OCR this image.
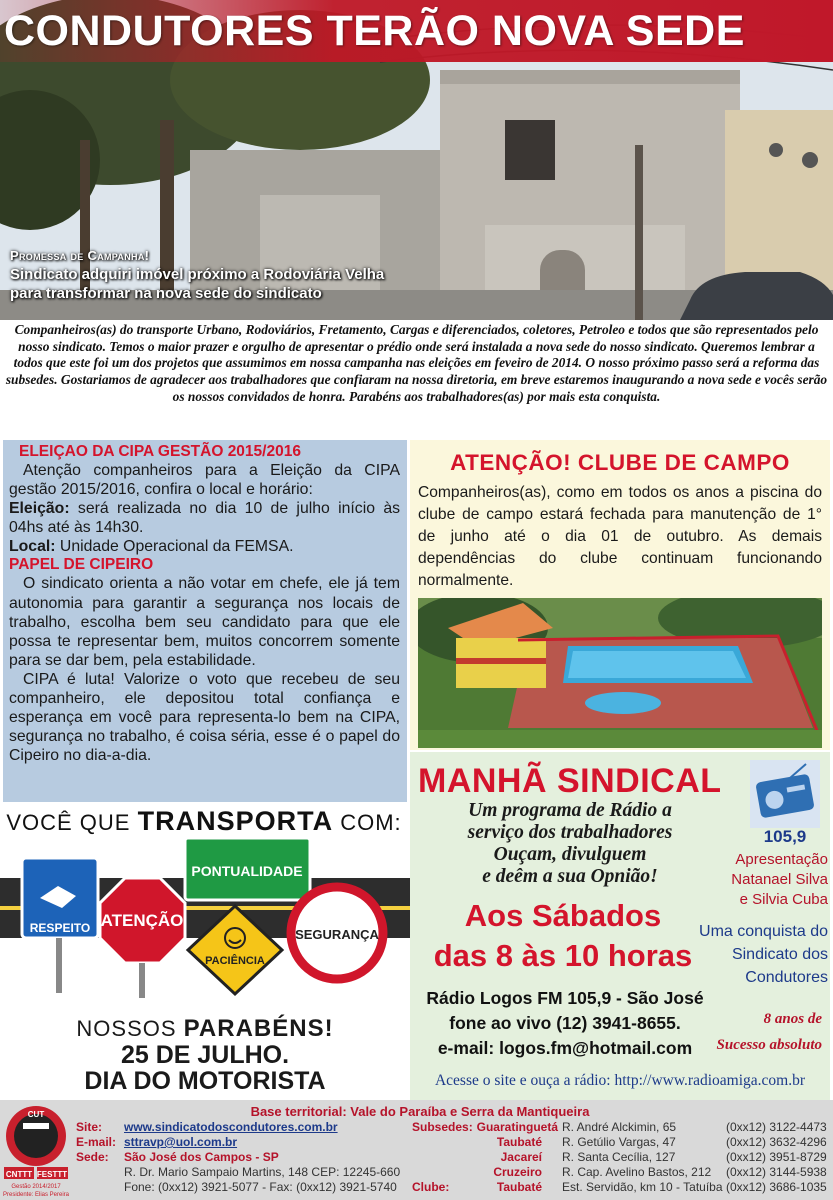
CONDUTORES TERÃO NOVA SEDE
Promessa de Campanha!
Sindicato adquiri imóvel próximo a Rodoviária Velha
para transformar na nova sede do sindicato
Companheiros(as) do transporte Urbano, Rodoviários, Fretamento, Cargas e diferenciados, coletores, Petroleo e todos que são representados pelo nosso sindicato. Temos o maior prazer e orgulho de apresentar o prédio onde será instalada a nova sede do nosso sindicato. Queremos lembrar a todos que este foi um dos projetos que assumimos em nossa campanha nas eleições em feveiro de 2014. O nosso próximo passo será a reforma das subsedes. Gostariamos de agradecer aos trabalhadores que confiaram na nossa diretoria, em breve estaremos inaugurando a nova sede e vocês serão os nossos convidados de honra. Parabéns aos trabalhadores(as) por mais esta conquista.
ELEIÇAO DA CIPA GESTÃO 2015/2016

Atenção companheiros para a Eleição da CIPA gestão 2015/2016, confira o local e horário:

Eleição: será realizada no dia 10 de julho início às 04hs até às 14h30.

Local: Unidade Operacional da FEMSA.

PAPEL DE CIPEIRO

O sindicato orienta a não votar em chefe, ele já tem autonomia para garantir a segurança nos locais de trabalho, escolha bem seu candidato para que ele possa te representar bem, muitos concorrem somente para se dar bem, pela estabilidade.

CIPA é luta! Valorize o voto que recebeu de seu companheiro, ele depositou total confiança e esperança em você para representa-lo bem na CIPA, segurança no trabalho, é coisa séria, esse é o papel do Cipeiro no dia-a-dia.

ATENÇÃO! CLUBE DE CAMPO
Companheiros(as), como em todos os anos a piscina do clube de campo estará fechada para manutenção de 1° de junho até o dia 01 de outubro. As demais dependências do clube continuam funcionando normalmente.
VOCÊ QUE TRANSPORTA COM:
RESPEITO ATENÇÃO
PONTUALIDADE
PACIÊNCIA
SEGURANÇA
NOSSOS PARABÉNS!
25 DE JULHO.
DIA DO MOTORISTA
MANHÃ SINDICAL
105,9
Um programa de Rádio a
serviço dos trabalhadores
Ouçam, divulguem
e deêm a sua Opnião!
Aos Sábados
das 8 às 10 horas
Rádio Logos FM 105,9 - São José
fone ao vivo (12) 3941-8655.
e-mail: logos.fm@hotmail.com
Apresentação
Natanael Silva
e Silvia Cuba
Uma conquista do
Sindicato dos
Condutores
8 anos de
Sucesso absoluto
Acesse o site e ouça a rádio: http://www.radioamiga.com.br
CUT
CNTTT FESTTT
Gestão 2014/2017
Presidente: Elias Pereira
Base territorial: Vale do Paraíba e Serra da Mantiqueira
Site: www.sindicatodoscondutores.com.br
E-mail: sttravp@uol.com.br
Sede: São José dos Campos - SP
R. Dr. Mario Sampaio Martins, 148 CEP: 12245-660
Fone: (0xx12) 3921-5077 - Fax: (0xx12) 3921-5740
Subsedes:
Clube:
Guaratinguetá R. André Alckimin, 65	(0xx12) 3122-4473
Taubaté	R. Getúlio Vargas, 47	(0xx12) 3632-4296
Jacareí	R. Santa Cecília, 127	(0xx12) 3951-8729
Cruzeiro	R. Cap. Avelino Bastos, 212 (0xx12) 3144-5938
Taubaté	Est. Servidão, km 10 - Tatuíba (0xx12) 3686-1035
